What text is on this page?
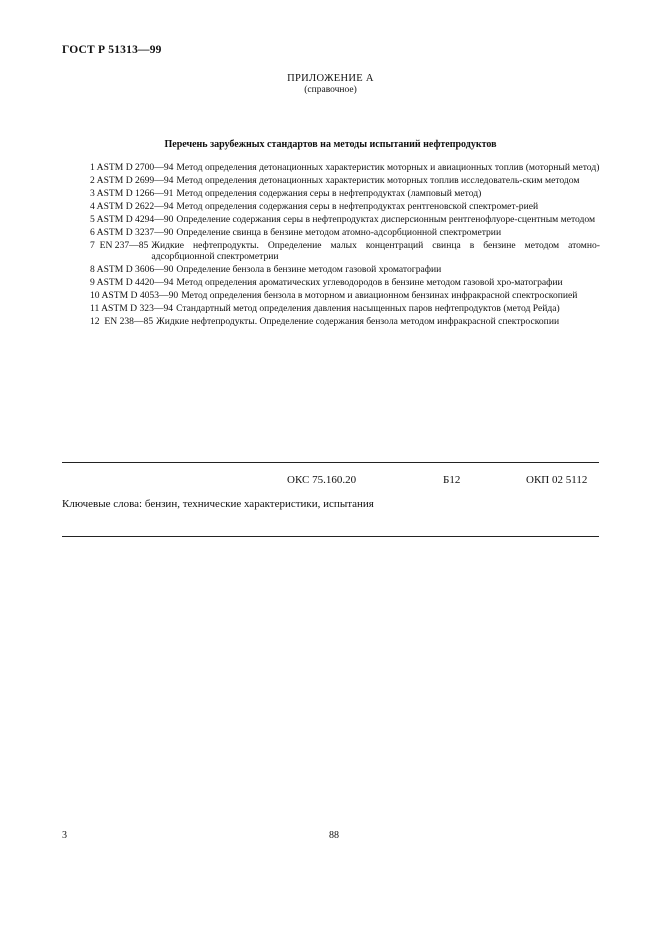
ГОСТ Р 51313—99
ПРИЛОЖЕНИЕ А
(справочное)
Перечень зарубежных стандартов на методы испытаний нефтепродуктов
1 ASTM D 2700—94 Метод определения детонационных характеристик моторных и авиационных топлив (моторный метод)
2 ASTM D 2699—94 Метод определения детонационных характеристик моторных топлив исследователь-ским методом
3 ASTM D 1266—91 Метод определения содержания серы в нефтепродуктах (ламповый метод)
4 ASTM D 2622—94 Метод определения содержания серы в нефтепродуктах рентгеновской спектромет-рией
5 ASTM D 4294—90 Определение содержания серы в нефтепродуктах дисперсионным рентгенофлуоре-сцентным методом
6 ASTM D 3237—90 Определение свинца в бензине методом атомно-адсорбционной спектрометрии
7  EN 237—85 Жидкие нефтепродукты. Определение малых концентраций свинца в бензине методом атомно-адсорбционной спектрометрии
8 ASTM D 3606—90 Определение бензола в бензине методом газовой хроматографии
9 ASTM D 4420—94 Метод определения ароматических углеводородов в бензине методом газовой хро-матографии
10 ASTM D 4053—90 Метод определения бензола в моторном и авиационном бензинах инфракрасной спектроскопией
11 ASTM D 323—94 Стандартный метод определения давления насыщенных паров нефтепродуктов (метод Рейда)
12  EN 238—85 Жидкие нефтепродукты. Определение содержания бензола методом инфракрасной спектроскопии
ОКС 75.160.20	Б12	ОКП 02 5112
Ключевые слова: бензин, технические характеристики, испытания
3	88
